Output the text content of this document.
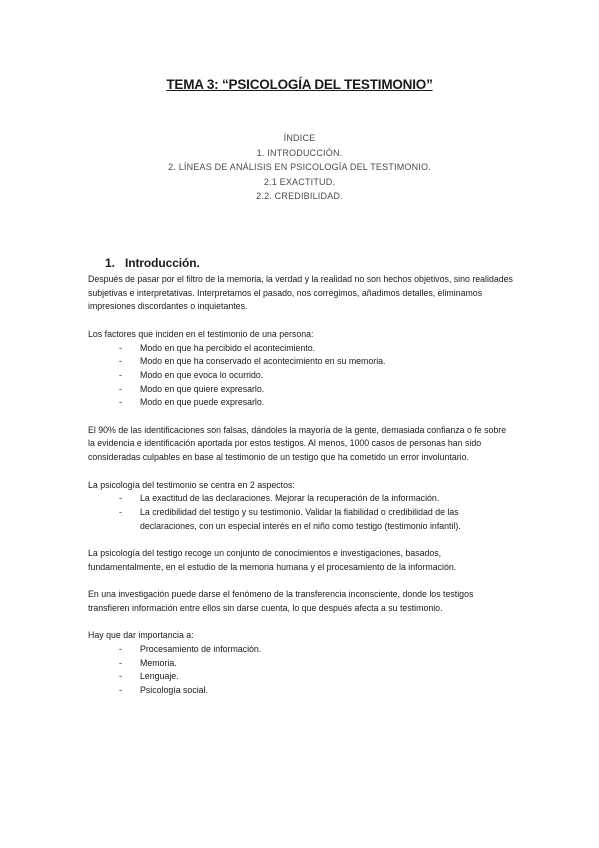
TEMA 3: “PSICOLOGÍA DEL TESTIMONIO”
ÍNDICE
1. INTRODUCCIÓN.
2. LÍNEAS DE ANÁLISIS EN PSICOLOGÍA DEL TESTIMONIO.
2.1 EXACTITUD.
2.2. CREDIBILIDAD.
1. Introducción.

Después de pasar por el filtro de la memoria, la verdad y la realidad no son hechos objetivos, sino realidades subjetivas e interpretativas. Interpretamos el pasado, nos corregimos, añadimos detalles, eliminamos impresiones discordantes o inquietantes.

Los factores que inciden en el testimonio de una persona:

- Modo en que ha percibido el acontecimiento.
- Modo en que ha conservado el acontecimiento en su memoria.
- Modo en que evoca lo ocurrido.
- Modo en que quiere expresarlo.
- Modo en que puede expresarlo.

El 90% de las identificaciones son falsas, dándoles la mayoría de la gente, demasiada confianza o fe sobre la evidencia e identificación aportada por estos testigos. Al menos, 1000 casos de personas han sido consideradas culpables en base al testimonio de un testigo que ha cometido un error involuntario.

La psicología del testimonio se centra en 2 aspectos:

- La exactitud de las declaraciones. Mejorar la recuperación de la información.
- La credibilidad del testigo y su testimonio. Validar la fiabilidad o credibilidad de las declaraciones, con un especial interés en el niño como testigo (testimonio infantil).

La psicología del testigo recoge un conjunto de conocimientos e investigaciones, basados, fundamentalmente, en el estudio de la memoria humana y el procesamiento de la información.

En una investigación puede darse el fenómeno de la transferencia inconsciente, donde los testigos transfieren información entre ellos sin darse cuenta, lo que después afecta a su testimonio.

Hay que dar importancia a:

- Procesamiento de información.
- Memoria.
- Lenguaje.
- Psicología social.
